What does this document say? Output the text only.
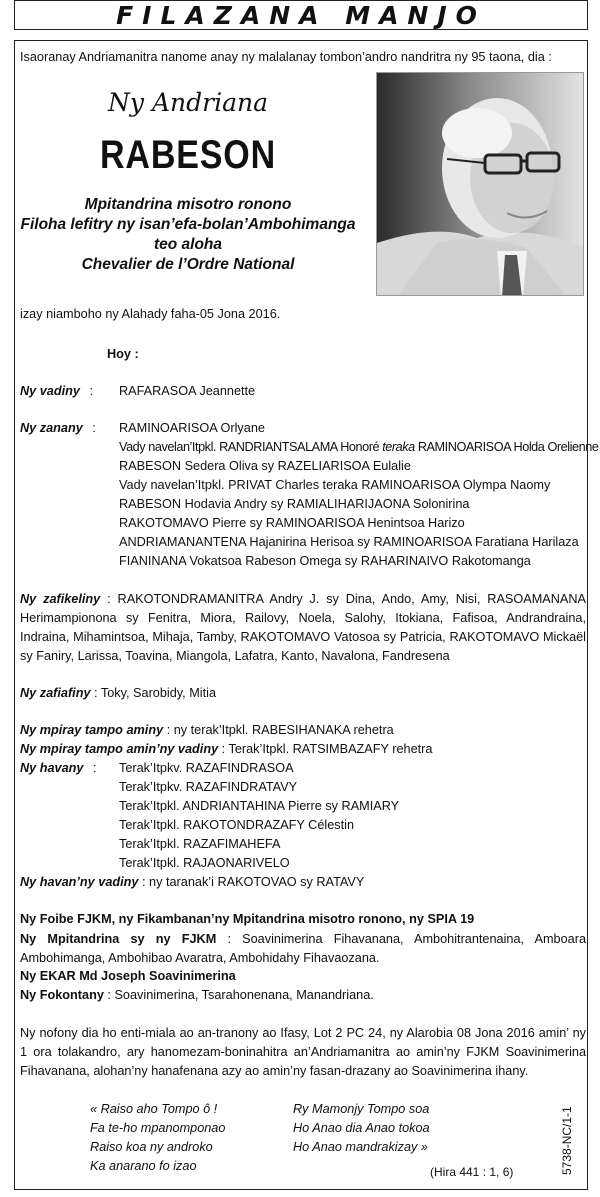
FILAZANA MANJO
Isaoranay Andriamanitra nanome anay ny malalanay tombon’andro nandritra ny 95 taona, dia :
Ny Andriana
RABESON
Mpitandrina misotro ronono
Filoha lefitry ny isan’efa-bolan’Ambohimanga
teo aloha
Chevalier de l’Ordre National
izay niamboho ny Alahady faha-05 Jona 2016.
Hoy :
Ny vadiny : RAFARASOA Jeannette
Ny zanany : RAMINOARISOA Orlyane
Vady navelan’Itpkl. RANDRIANTSALAMA Honoré teraka RAMINOARISOA Holda Orelienne
RABESON Sedera Oliva sy RAZELIARISOA Eulalie
Vady navelan’Itpkl. PRIVAT Charles teraka RAMINOARISOA Olympa Naomy
RABESON Hodavia Andry sy RAMIALIHARIJAONA Solonirina
RAKOTOMAVO Pierre sy RAMINOARISOA Henintsoa Harizo
ANDRIAMANANTENA Hajanirina Herisoa sy RAMINOARISOA Faratiana Harilaza
FIANINANA Vokatsoa Rabeson Omega sy RAHARINAIVO Rakotomanga
Ny zafikeliny : RAKOTONDRAMANITRA Andry J. sy Dina, Ando, Amy, Nisi, RASOAMANANA Herimampionona sy Fenitra, Miora, Railovy, Noela, Salohy, Itokiana, Fafisoa, Andrandraina, Indraina, Mihamintsoa, Mihaja, Tamby, RAKOTOMAVO Vatosoa sy Patricia, RAKOTOMAVO Mickaël sy Faniry, Larissa, Toavina, Miangola, Lafatra, Kanto, Navalona, Fandresena
Ny zafiafiny : Toky, Sarobidy, Mitia
Ny mpiray tampo aminy : ny terak’Itpkl. RABESIHANAKA rehetra
Ny mpiray tampo amin’ny vadiny : Terak’Itpkl. RATSIMBAZAFY rehetra
Ny havany : Terak’Itpkv. RAZAFINDRASOA
Terak’Itpkv. RAZAFINDRATAVY
Terak’Itpkl. ANDRIANTAHINA Pierre sy RAMIARY
Terak’Itpkl. RAKOTONDRAZAFY Célestin
Terak’Itpkl. RAZAFIMAHEFA
Terak’Itpkl. RAJAONARIVELO
Ny havan’ny vadiny : ny taranak’i RAKOTOVAO sy RATAVY
Ny Foibe FJKM, ny Fikambanan’ny Mpitandrina misotro ronono, ny SPIA 19
Ny Mpitandrina sy ny FJKM : Soavinimerina Fihavanana, Ambohitrantenaina, Amboara Ambohimanga, Ambohibao Avaratra, Ambohidahy Fihavaozana.
Ny EKAR Md Joseph Soavinimerina
Ny Fokontany : Soavinimerina, Tsarahonenana, Manandriana.
Ny nofony dia ho enti-miala ao an-tranony ao Ifasy, Lot 2 PC 24, ny Alarobia 08 Jona 2016 amin’ ny 1 ora tolakandro, ary hanomezam-boninahitra an’Andriamanitra ao amin’ny FJKM Soavinimerina Fihavanana, alohan’ny hanafenana azy ao amin’ny fasan-drazany ao Soavinimerina ihany.
« Raiso aho Tompo ô !
Fa te-ho mpanomponao
Raiso koa ny androko
Ka anarano fo izao
Ry Mamonjy Tompo soa
Ho Anao dia Anao tokoa
Ho Anao mandrakizay »
(Hira 441 : 1, 6)	5738-NC/1-1
